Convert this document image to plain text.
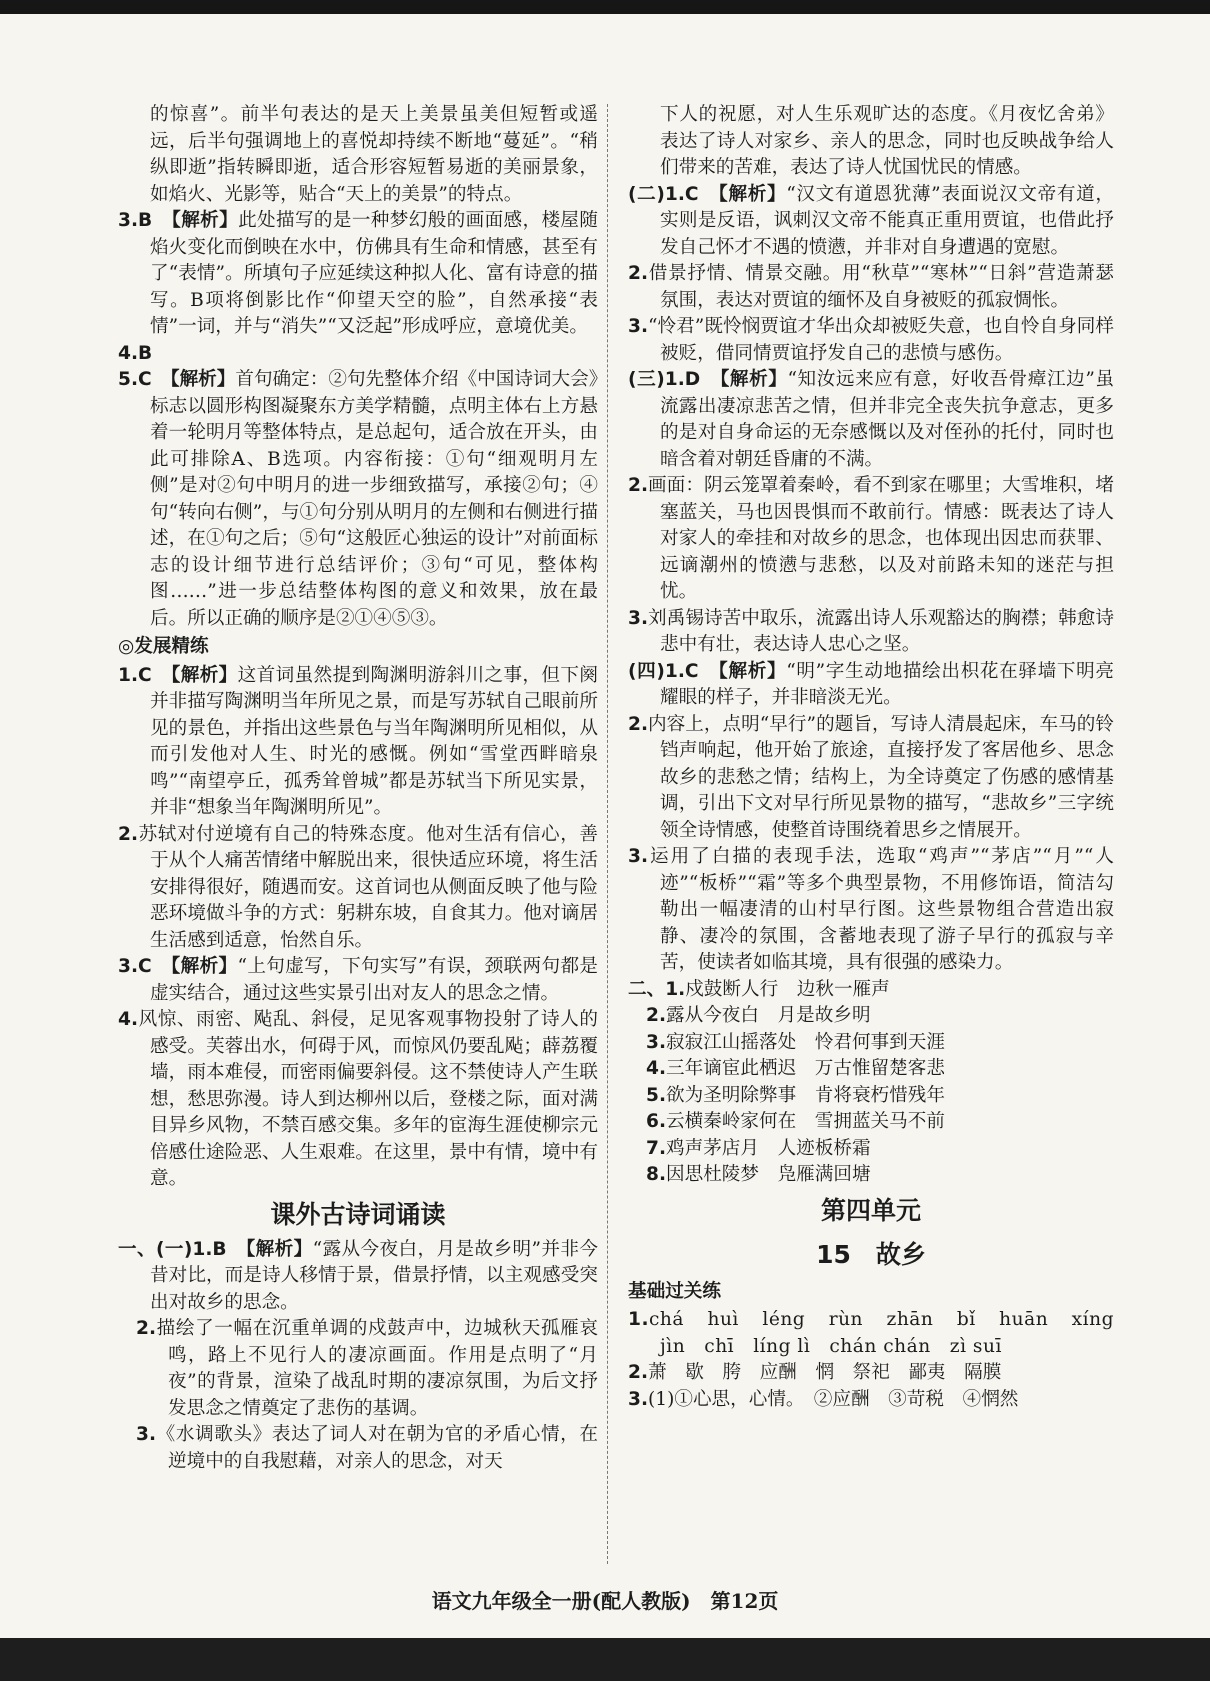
的惊喜”。前半句表达的是天上美景虽美但短暂或遥远，后半句强调地上的喜悦却持续不断地“蔓延”。“稍纵即逝”指转瞬即逝，适合形容短暂易逝的美丽景象，如焰火、光影等，贴合“天上的美景”的特点。

3.B　 【解析】此处描写的是一种梦幻般的画面感，楼屋随焰火变化而倒映在水中，仿佛具有生命和情感，甚至有了“表情”。所填句子应延续这种拟人化、富有诗意的描写。B项将倒影比作“仰望天空的脸”，自然承接“表情”一词，并与“消失”“又泛起”形成呼应，意境优美。

4.B

5.C　 【解析】首句确定：②句先整体介绍《中国诗词大会》标志以圆形构图凝聚东方美学精髓，点明主体右上方悬着一轮明月等整体特点，是总起句，适合放在开头，由此可排除A、B选项。内容衔接：①句“细观明月左侧”是对②句中明月的进一步细致描写，承接②句；④句“转向右侧”，与①句分别从明月的左侧和右侧进行描述，在①句之后；⑤句“这般匠心独运的设计”对前面标志的设计细节进行总结评价；③句“可见，整体构图……”进一步总结整体构图的意义和效果，放在最后。所以正确的顺序是②①④⑤③。

◎发展精练

1.C　 【解析】这首词虽然提到陶渊明游斜川之事，但下阕并非描写陶渊明当年所见之景，而是写苏轼自己眼前所见的景色，并指出这些景色与当年陶渊明所见相似，从而引发他对人生、时光的感慨。例如“雪堂西畔暗泉鸣”“南望亭丘，孤秀耸曾城”都是苏轼当下所见实景，并非“想象当年陶渊明所见”。

2.苏轼对付逆境有自己的特殊态度。他对生活有信心，善于从个人痛苦情绪中解脱出来，很快适应环境，将生活安排得很好，随遇而安。这首词也从侧面反映了他与险恶环境做斗争的方式：躬耕东坡，自食其力。他对谪居生活感到适意，怡然自乐。

3.C　 【解析】“上句虚写，下句实写”有误，颈联两句都是虚实结合，通过这些实景引出对友人的思念之情。

4.风惊、雨密、飐乱、斜侵，足见客观事物投射了诗人的感受。芙蓉出水，何碍于风，而惊风仍要乱飐；薜荔覆墙，雨本难侵，而密雨偏要斜侵。这不禁使诗人产生联想，愁思弥漫。诗人到达柳州以后，登楼之际，面对满目异乡风物，不禁百感交集。多年的宦海生涯使柳宗元倍感仕途险恶、人生艰难。在这里，景中有情，境中有意。

课外古诗词诵读

一、(一)1.B　 【解析】“露从今夜白，月是故乡明”并非今昔对比，而是诗人移情于景，借景抒情，以主观感受突出对故乡的思念。

2.描绘了一幅在沉重单调的戍鼓声中，边城秋天孤雁哀鸣，路上不见行人的凄凉画面。作用是点明了“月夜”的背景，渲染了战乱时期的凄凉氛围，为后文抒发思念之情奠定了悲伤的基调。

3.《水调歌头》表达了词人对在朝为官的矛盾心情，在逆境中的自我慰藉，对亲人的思念，对天

下人的祝愿，对人生乐观旷达的态度。《月夜忆舍弟》表达了诗人对家乡、亲人的思念，同时也反映战争给人们带来的苦难，表达了诗人忧国忧民的情感。

(二)1.C　 【解析】“汉文有道恩犹薄”表面说汉文帝有道，实则是反语，讽刺汉文帝不能真正重用贾谊，也借此抒发自己怀才不遇的愤懑，并非对自身遭遇的宽慰。

2.借景抒情、情景交融。用“秋草”“寒林”“日斜”营造萧瑟氛围，表达对贾谊的缅怀及自身被贬的孤寂惆怅。

3.“怜君”既怜悯贾谊才华出众却被贬失意，也自怜自身同样被贬，借同情贾谊抒发自己的悲愤与感伤。

(三)1.D　 【解析】“知汝远来应有意，好收吾骨瘴江边”虽流露出凄凉悲苦之情，但并非完全丧失抗争意志，更多的是对自身命运的无奈感慨以及对侄孙的托付，同时也暗含着对朝廷昏庸的不满。

2.画面：阴云笼罩着秦岭，看不到家在哪里；大雪堆积，堵塞蓝关，马也因畏惧而不敢前行。情感：既表达了诗人对家人的牵挂和对故乡的思念，也体现出因忠而获罪、远谪潮州的愤懑与悲愁，以及对前路未知的迷茫与担忧。

3.刘禹锡诗苦中取乐，流露出诗人乐观豁达的胸襟；韩愈诗悲中有壮，表达诗人忠心之坚。

(四)1.C　 【解析】“明”字生动地描绘出枳花在驿墙下明亮耀眼的样子，并非暗淡无光。

2.内容上，点明“早行”的题旨，写诗人清晨起床，车马的铃铛声响起，他开始了旅途，直接抒发了客居他乡、思念故乡的悲愁之情；结构上，为全诗奠定了伤感的感情基调，引出下文对早行所见景物的描写，“悲故乡”三字统领全诗情感，使整首诗围绕着思乡之情展开。

3.运用了白描的表现手法，选取“鸡声”“茅店”“月”“人迹”“板桥”“霜”等多个典型景物，不用修饰语，简洁勾勒出一幅凄清的山村早行图。这些景物组合营造出寂静、凄冷的氛围，含蓄地表现了游子早行的孤寂与辛苦，使读者如临其境，具有很强的感染力。

二、1.戍鼓断人行　边秋一雁声

2.露从今夜白　月是故乡明

3.寂寂江山摇落处　怜君何事到天涯

4.三年谪宦此栖迟　万古惟留楚客悲

5.欲为圣明除弊事　肯将衰朽惜残年

6.云横秦岭家何在　雪拥蓝关马不前

7.鸡声茅店月　人迹板桥霜

8.因思杜陵梦　凫雁满回塘

第四单元
15　故乡
基础过关练

1.chá　huì　léng　rùn　zhān　bǐ　huān　xíng　jìn　chī　líng lì　chán chán　zì suī

2.萧　歇　胯　应酬　惘　祭祀　鄙夷　隔膜

3.(1)①心思，心情。　②应酬　③苛税　④惘然

语文九年级全一册(配人教版)　第12页
